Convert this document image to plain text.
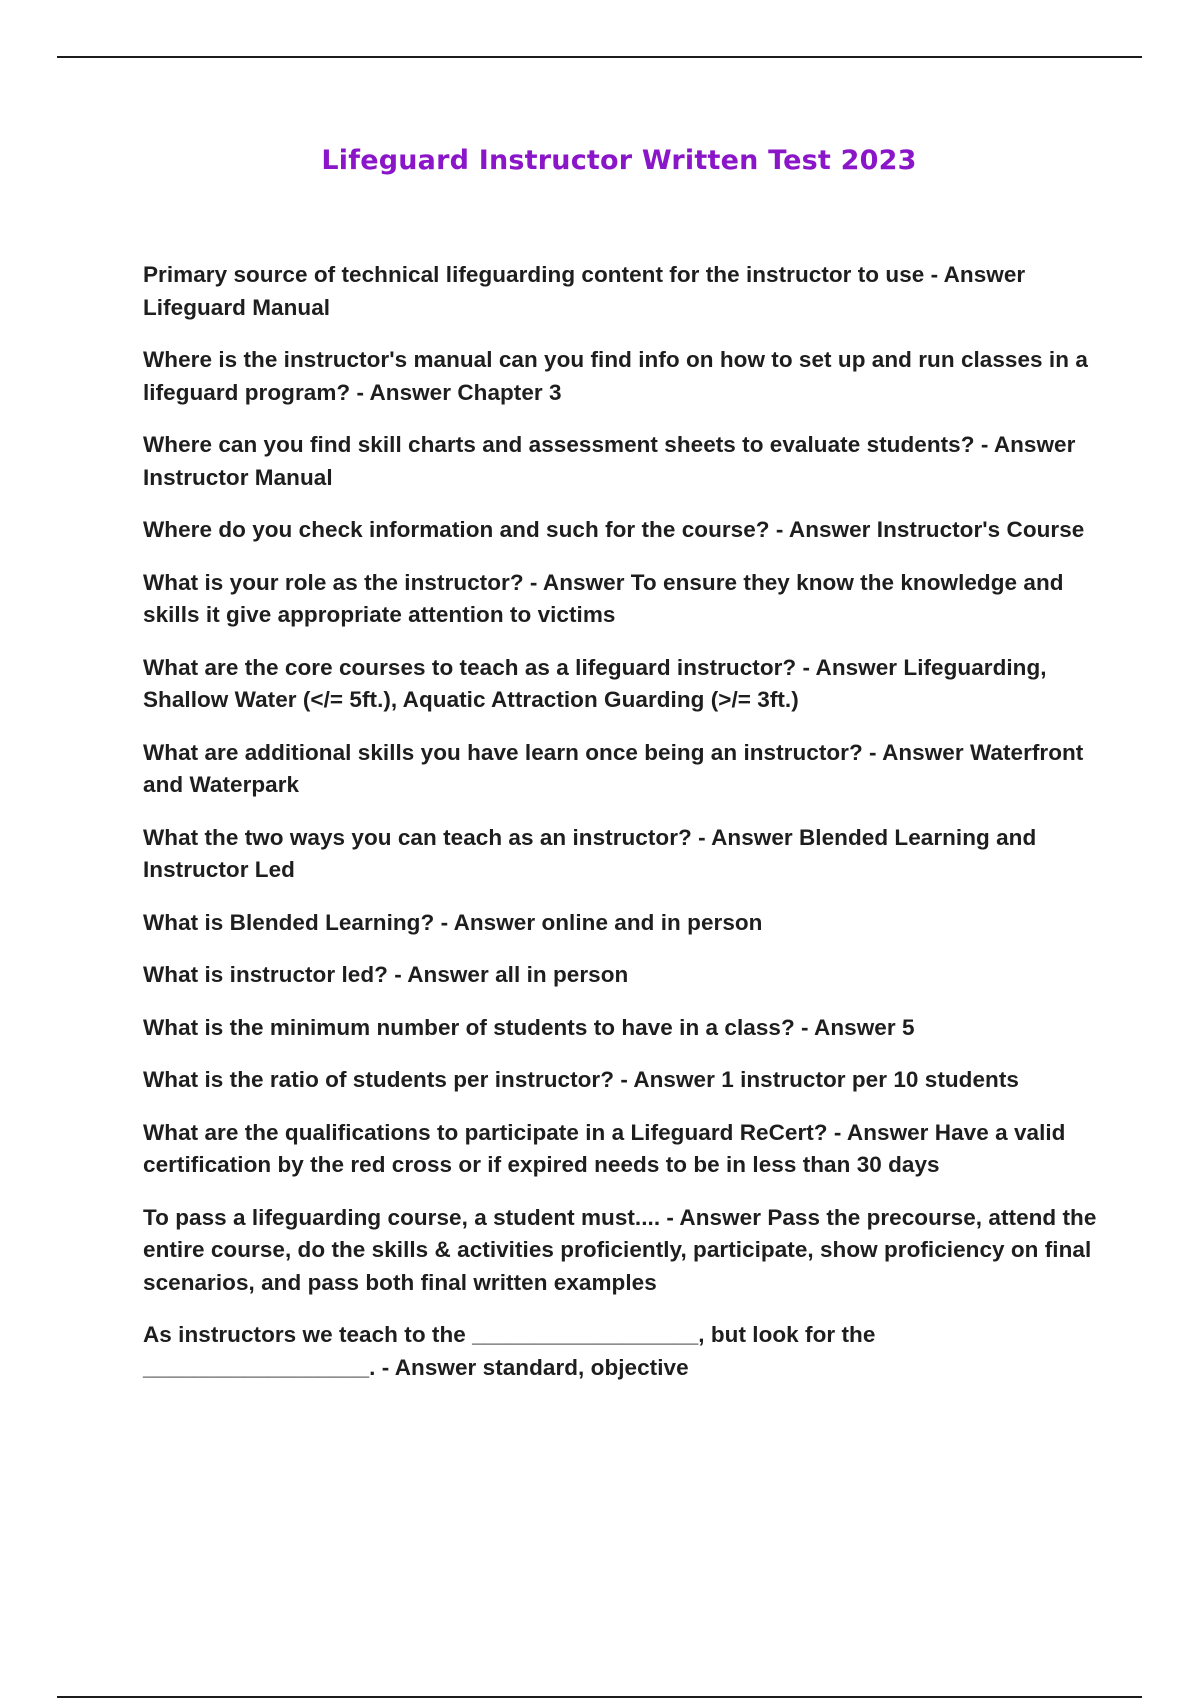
Lifeguard Instructor Written Test 2023

Primary source of technical lifeguarding content for the instructor to use - Answer Lifeguard Manual

Where is the instructor's manual can you find info on how to set up and run classes in a lifeguard program? - Answer Chapter 3

Where can you find skill charts and assessment sheets to evaluate students? - Answer Instructor Manual

Where do you check information and such for the course? - Answer Instructor's Course

What is your role as the instructor? - Answer To ensure they know the knowledge and skills it give appropriate attention to victims

What are the core courses to teach as a lifeguard instructor? - Answer Lifeguarding, Shallow Water (</= 5ft.), Aquatic Attraction Guarding (>/= 3ft.)

What are additional skills you have learn once being an instructor? - Answer Waterfront and Waterpark

What the two ways you can teach as an instructor? - Answer Blended Learning and Instructor Led

What is Blended Learning? - Answer online and in person

What is instructor led? - Answer all in person

What is the minimum number of students to have in a class? - Answer 5

What is the ratio of students per instructor? - Answer 1 instructor per 10 students

What are the qualifications to participate in a Lifeguard ReCert? - Answer Have a valid certification by the red cross or if expired needs to be in less than 30 days

To pass a lifeguarding course, a student must.... - Answer Pass the precourse, attend the entire course, do the skills & activities proficiently, participate, show proficiency on final scenarios, and pass both final written examples

As instructors we teach to the __________________, but look for the __________________. - Answer standard, objective
